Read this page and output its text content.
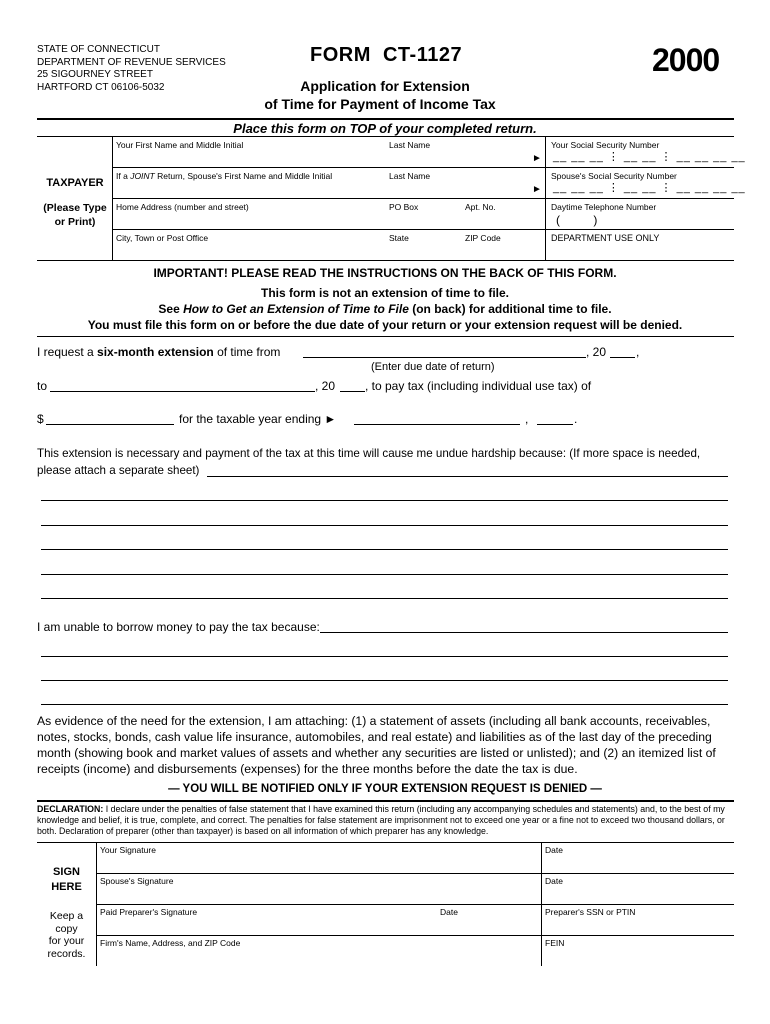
STATE OF CONNECTICUT
DEPARTMENT OF REVENUE SERVICES
25 SIGOURNEY STREET
HARTFORD CT 06106-5032
FORM  CT-1127	2000
Application for Extension
of Time for Payment of Income Tax
Place this form on TOP of your completed return.
TAXPAYER
(Please Type
or Print)
Your First Name and Middle Initial	Last Name
►
Your Social Security Number
__ __ __ ⋮ __ __ ⋮ __ __ __ __
If a JOINT Return, Spouse's First Name and Middle Initial	Last Name
►
Spouse's Social Security Number
__ __ __ ⋮ __ __ ⋮ __ __ __ __
Home Address (number and street)	PO Box	Apt. No.	Daytime Telephone Number
(          )
City, Town or Post Office	State	ZIP Code	DEPARTMENT USE ONLY
IMPORTANT! PLEASE READ THE INSTRUCTIONS ON THE BACK OF THIS FORM.
This form is not an extension of time to file.
See How to Get an Extension of Time to File (on back) for additional time to file.
You must file this form on or before the due date of your return or your extension request will be denied.
I request a six-month extension of time from	, 20 ,
(Enter due date of return)
to	, 20 , to pay tax (including individual use tax) of
$	for the taxable year ending ►	,	.
This extension is necessary and payment of the tax at this time will cause me undue hardship because: (If more space is needed,
please attach a separate sheet)
I am unable to borrow money to pay the tax because:
As evidence of the need for the extension, I am attaching: (1) a statement of assets (including all bank accounts, receivables, notes, stocks, bonds, cash value life insurance, automobiles, and real estate) and liabilities as of the last day of the preceding month (showing book and market values of assets and whether any securities are listed or unlisted); and (2) an itemized list of receipts (income) and disbursements (expenses) for the three months before the date the tax is due.
— YOU WILL BE NOTIFIED ONLY IF YOUR EXTENSION REQUEST IS DENIED —
DECLARATION: I declare under the penalties of false statement that I have examined this return (including any accompanying schedules and statements) and, to the best of my knowledge and belief, it is true, complete, and correct. The penalties for false statement are imprisonment not to exceed one year or a fine not to exceed two thousand dollars, or both. Declaration of preparer (other than taxpayer) is based on all information of which preparer has any knowledge.
SIGN
HERE
Keep a
copy
for your
records.
Your Signature	Date
Spouse's Signature	Date
Paid Preparer's Signature	Date	Preparer's SSN or PTIN
Firm's Name, Address, and ZIP Code	FEIN
